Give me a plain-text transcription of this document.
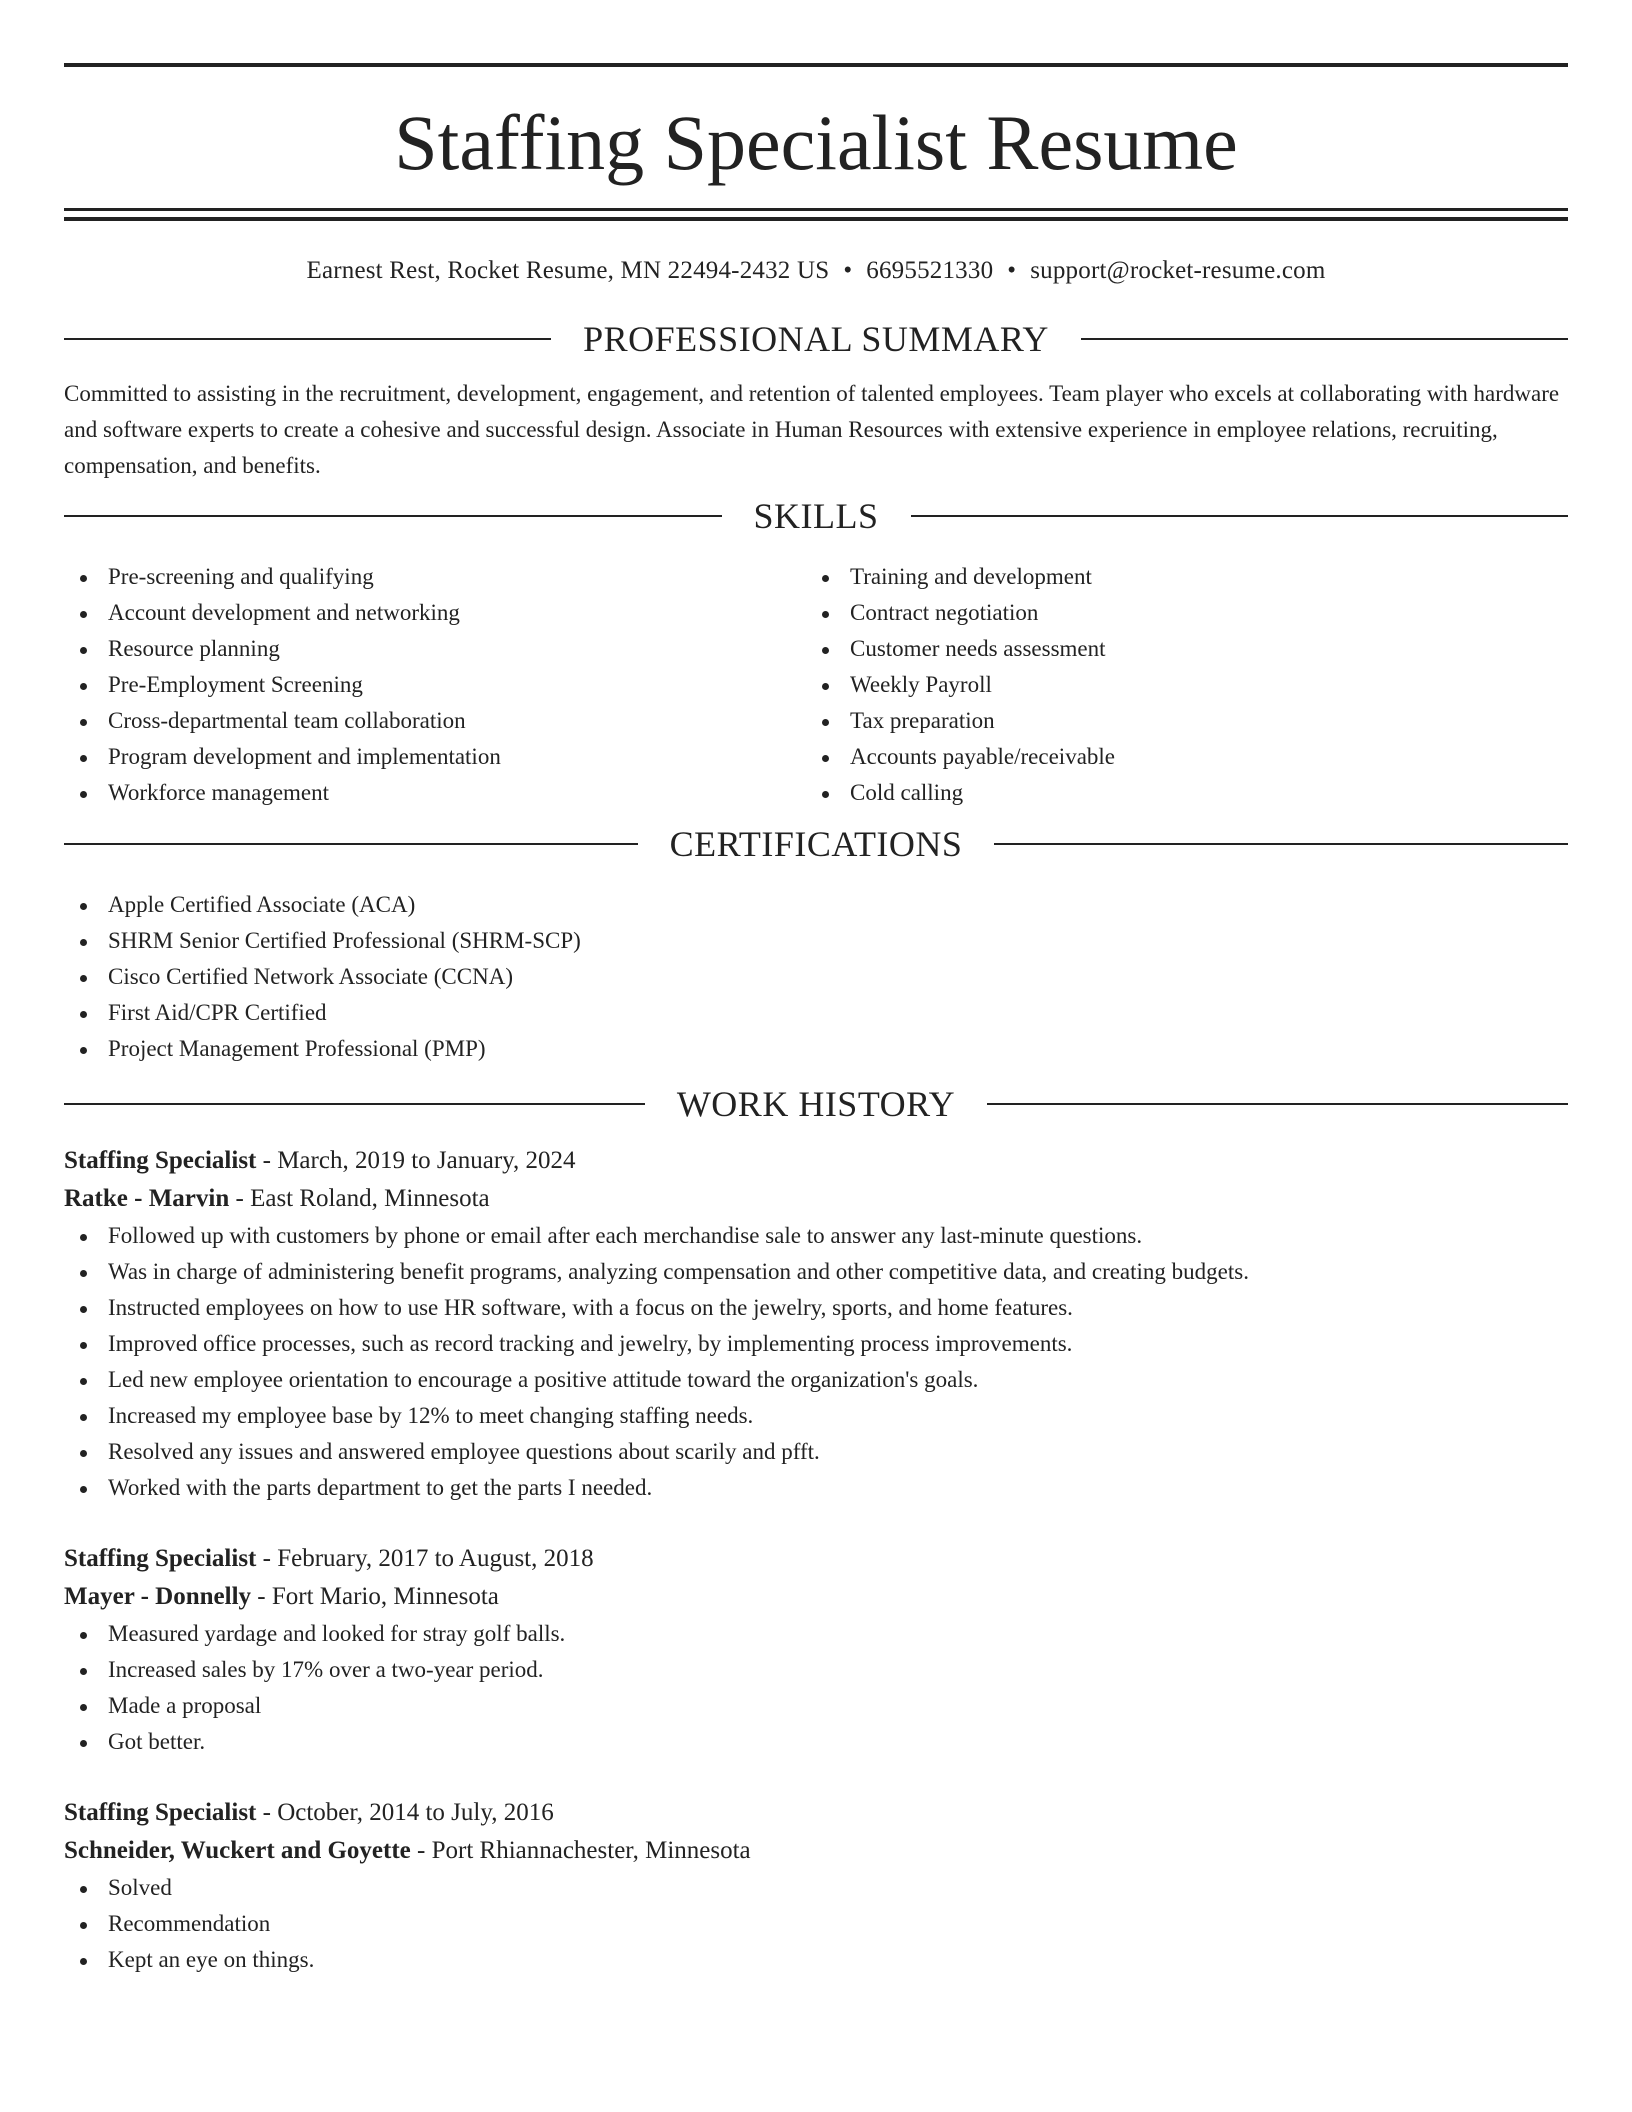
Staffing Specialist Resume
Earnest Rest, Rocket Resume, MN 22494-2432 US • 6695521330 • support@rocket-resume.com
PROFESSIONAL SUMMARY

Committed to assisting in the recruitment, development, engagement, and retention of talented employees. Team player who excels at collaborating with hardware and software experts to create a cohesive and successful design. Associate in Human Resources with extensive experience in employee relations, recruiting, compensation, and benefits.

SKILLS
Pre-screening and qualifying
Account development and networking
Resource planning
Pre-Employment Screening
Cross-departmental team collaboration
Program development and implementation
Workforce management
Training and development
Contract negotiation
Customer needs assessment
Weekly Payroll
Tax preparation
Accounts payable/receivable
Cold calling
CERTIFICATIONS
Apple Certified Associate (ACA)
SHRM Senior Certified Professional (SHRM-SCP)
Cisco Certified Network Associate (CCNA)
First Aid/CPR Certified
Project Management Professional (PMP)
WORK HISTORY
Staffing Specialist - March, 2019 to January, 2024
Ratke - Marvin - East Roland, Minnesota
Followed up with customers by phone or email after each merchandise sale to answer any last-minute questions.
Was in charge of administering benefit programs, analyzing compensation and other competitive data, and creating budgets.
Instructed employees on how to use HR software, with a focus on the jewelry, sports, and home features.
Improved office processes, such as record tracking and jewelry, by implementing process improvements.
Led new employee orientation to encourage a positive attitude toward the organization's goals.
Increased my employee base by 12% to meet changing staffing needs.
Resolved any issues and answered employee questions about scarily and pfft.
Worked with the parts department to get the parts I needed.
Staffing Specialist - February, 2017 to August, 2018
Mayer - Donnelly - Fort Mario, Minnesota
Measured yardage and looked for stray golf balls.
Increased sales by 17% over a two-year period.
Made a proposal
Got better.
Staffing Specialist - October, 2014 to July, 2016
Schneider, Wuckert and Goyette - Port Rhiannachester, Minnesota
Solved
Recommendation
Kept an eye on things.
